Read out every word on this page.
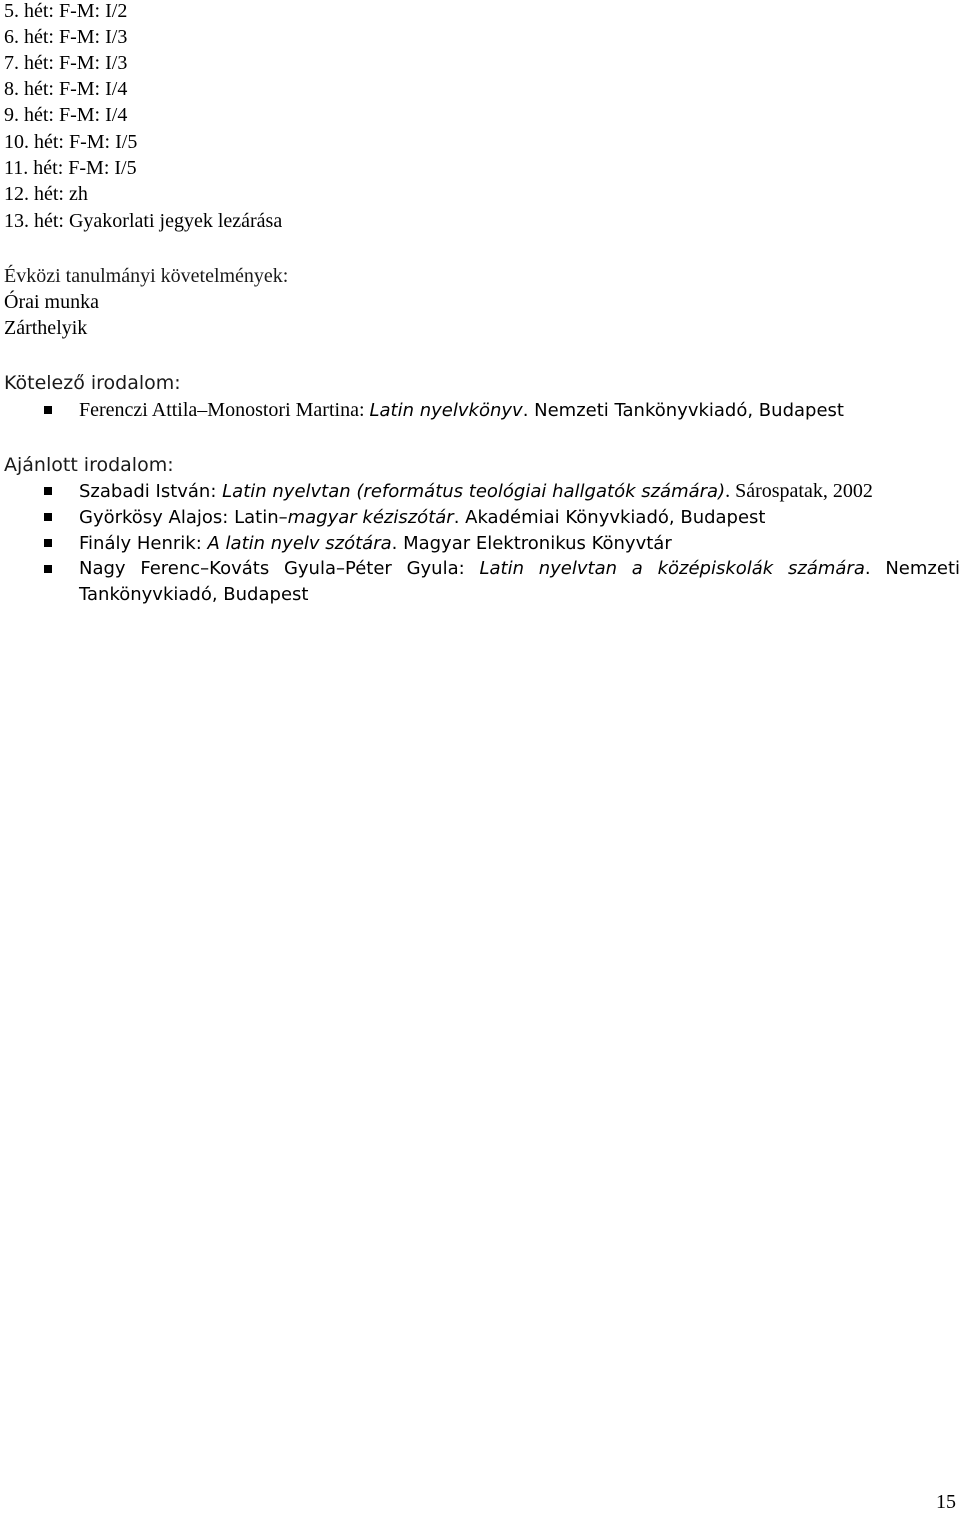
5. hét: F-M: I/2
6. hét: F-M: I/3
7. hét: F-M: I/3
8. hét: F-M: I/4
9. hét: F-M: I/4
10. hét: F-M: I/5
11. hét: F-M: I/5
12. hét: zh
13. hét: Gyakorlati jegyek lezárása
Évközi tanulmányi követelmények:
Órai munka
Zárthelyik
Kötelező irodalom:
Ferenczi Attila–Monostori Martina: Latin nyelvkönyv. Nemzeti Tankönyvkiadó, Budapest
Ajánlott irodalom:
Szabadi István: Latin nyelvtan (református teológiai hallgatók számára). Sárospatak, 2002
Györkösy Alajos: Latin–magyar kéziszótár. Akadémiai Könyvkiadó, Budapest
Finály Henrik: A latin nyelv szótára. Magyar Elektronikus Könyvtár
Nagy Ferenc–Kováts Gyula–Péter Gyula: Latin nyelvtan a középiskolák számára. Nemzeti Tankönyvkiadó, Budapest
15
